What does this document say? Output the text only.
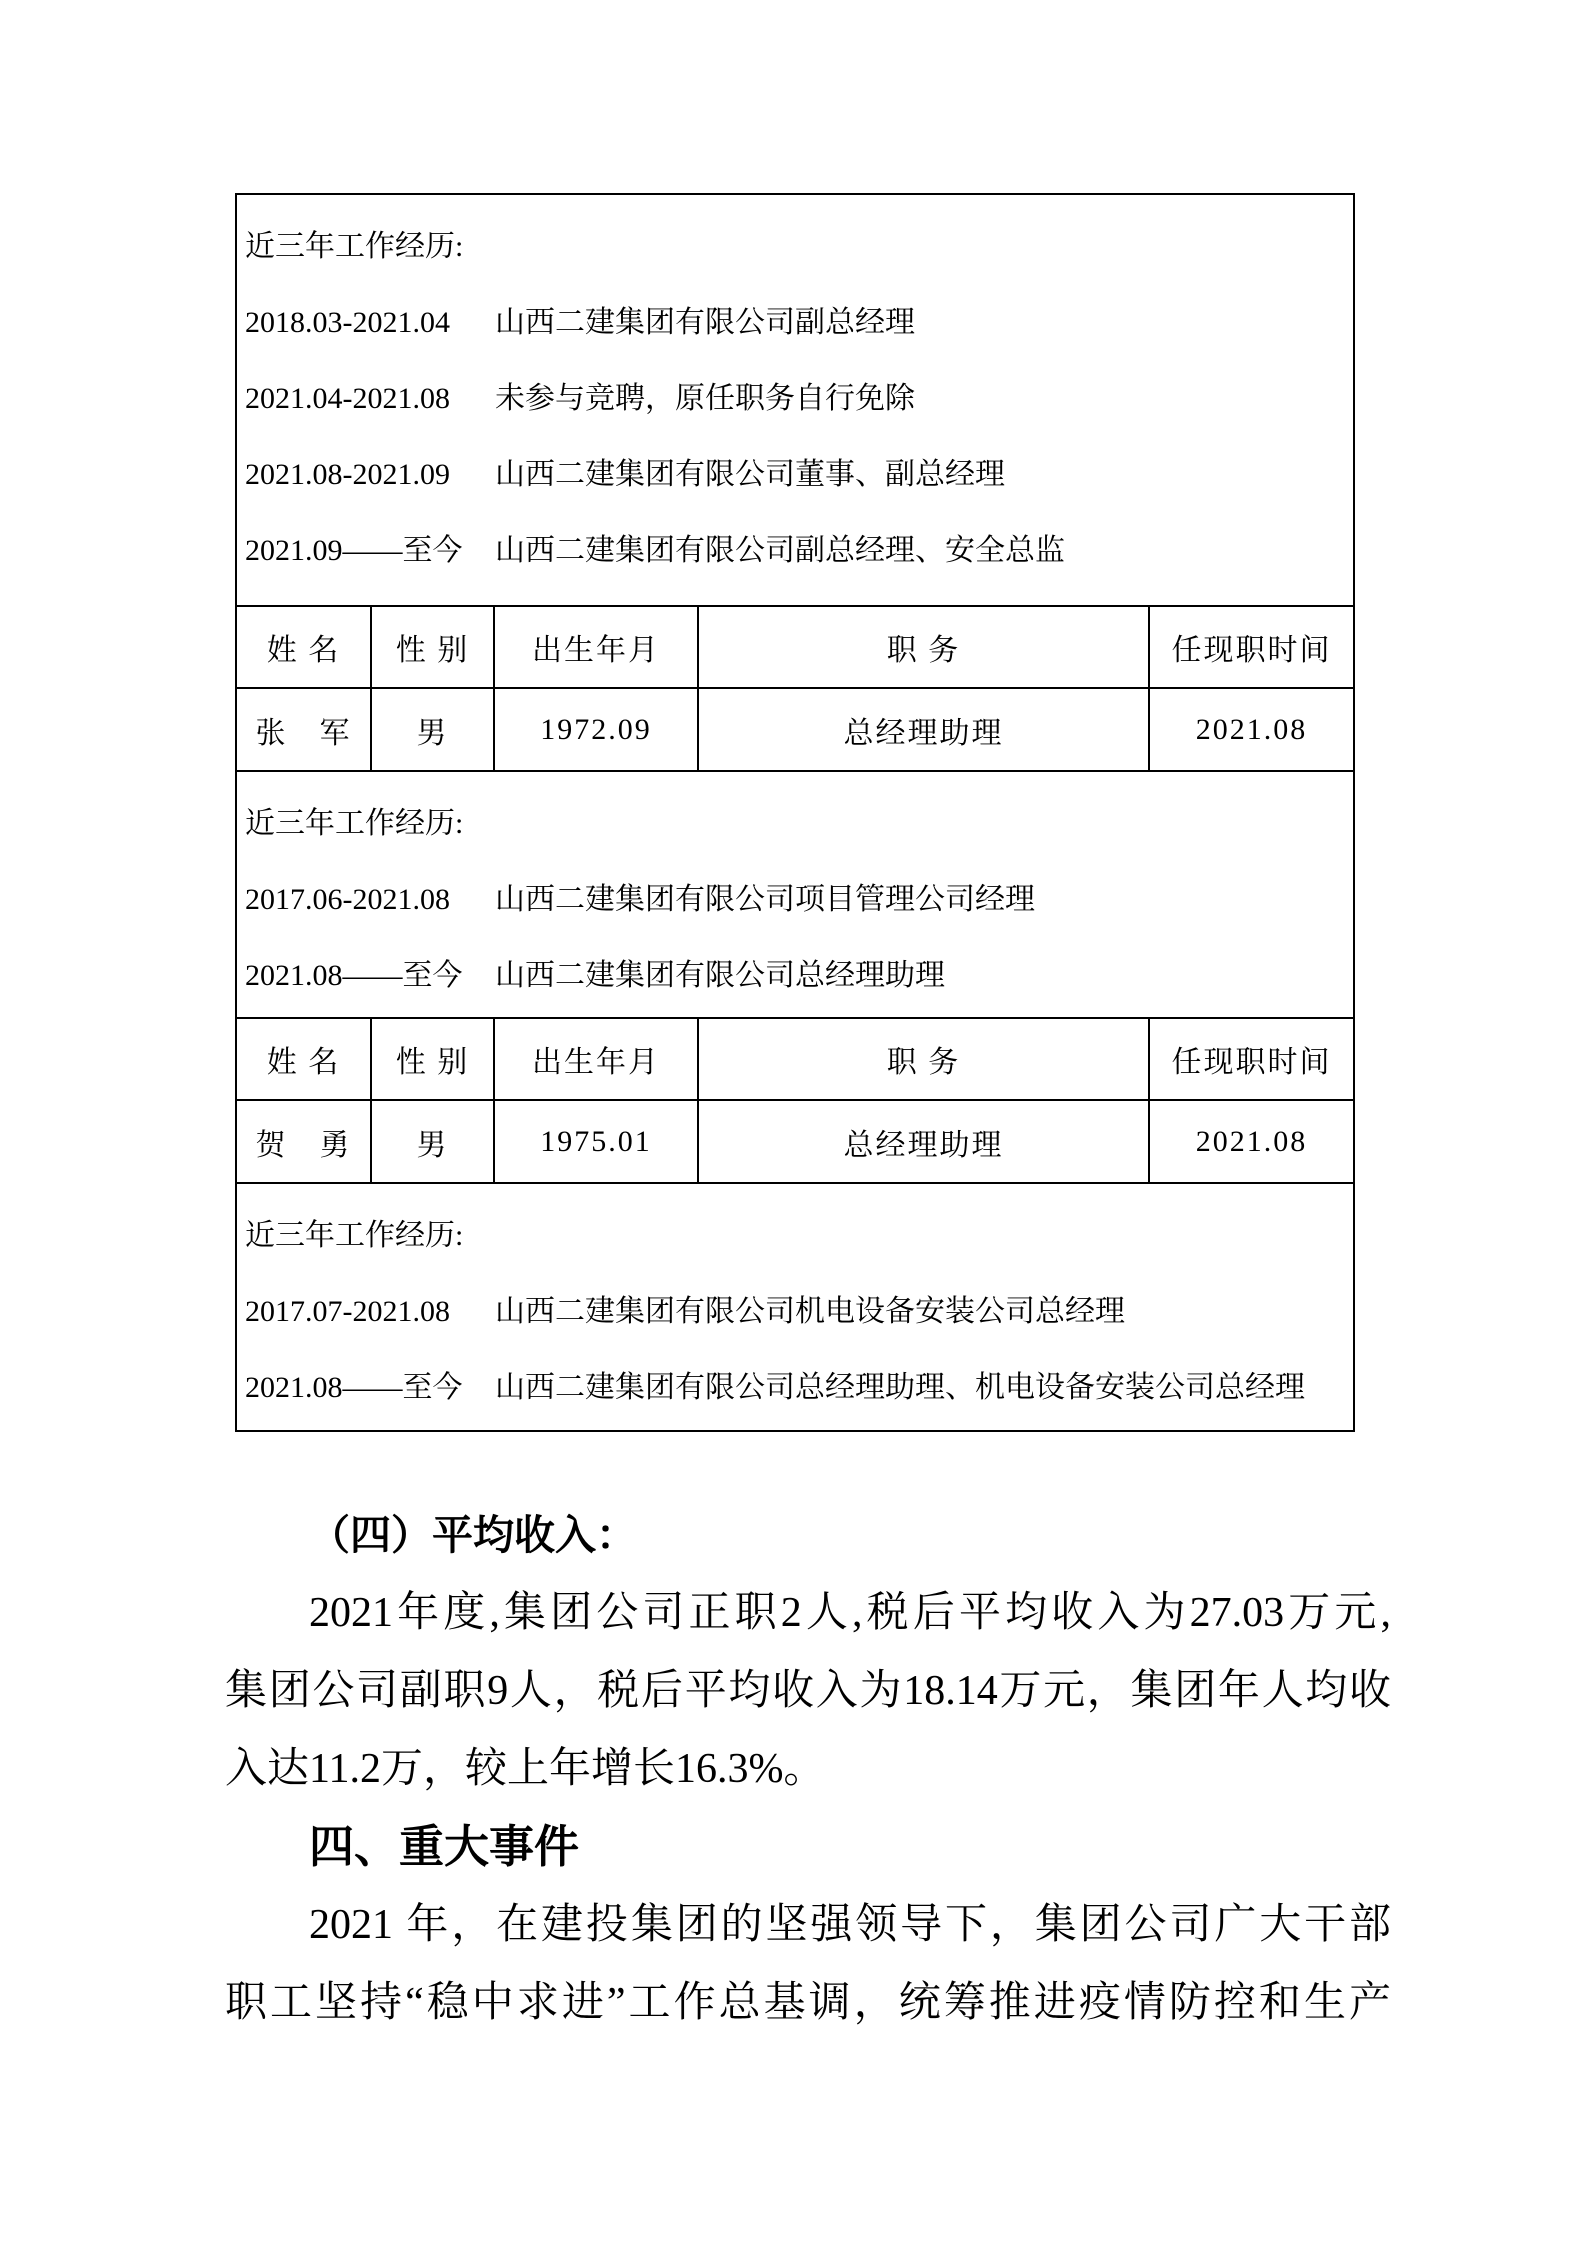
近三年工作经历:
2018.03-2021.04	山西二建集团有限公司副总经理
2021.04-2021.08	未参与竞聘，原任职务自行免除
2021.08-2021.09	山西二建集团有限公司董事、副总经理
2021.09——至今	山西二建集团有限公司副总经理、安全总监

姓 名	性 别	出生年月	职 务	任现职时间
张　军	男	1972.09	总经理助理	2021.08

近三年工作经历:
2017.06-2021.08 山西二建集团有限公司项目管理公司经理
2021.08——至今 山西二建集团有限公司总经理助理				

姓 名	性 别	出生年月	职 务	任现职时间
贺　勇	男	1975.01	总经理助理	2021.08

近三年工作经历:
2017.07-2021.08 山西二建集团有限公司机电设备安装公司总经理
2021.08——至今 山西二建集团有限公司总经理助理、机电设备安装公司总经理				
（四）平均收入：
2021年度,集团公司正职2人,税后平均收入为27.03万元,
集团公司副职9人，税后平均收入为18.14万元，集团年人均收
入达11.2万，较上年增长16.3%。
四、重大事件
2021 年，在建投集团的坚强领导下，集团公司广大干部
职工坚持“稳中求进”工作总基调，统筹推进疫情防控和生产
